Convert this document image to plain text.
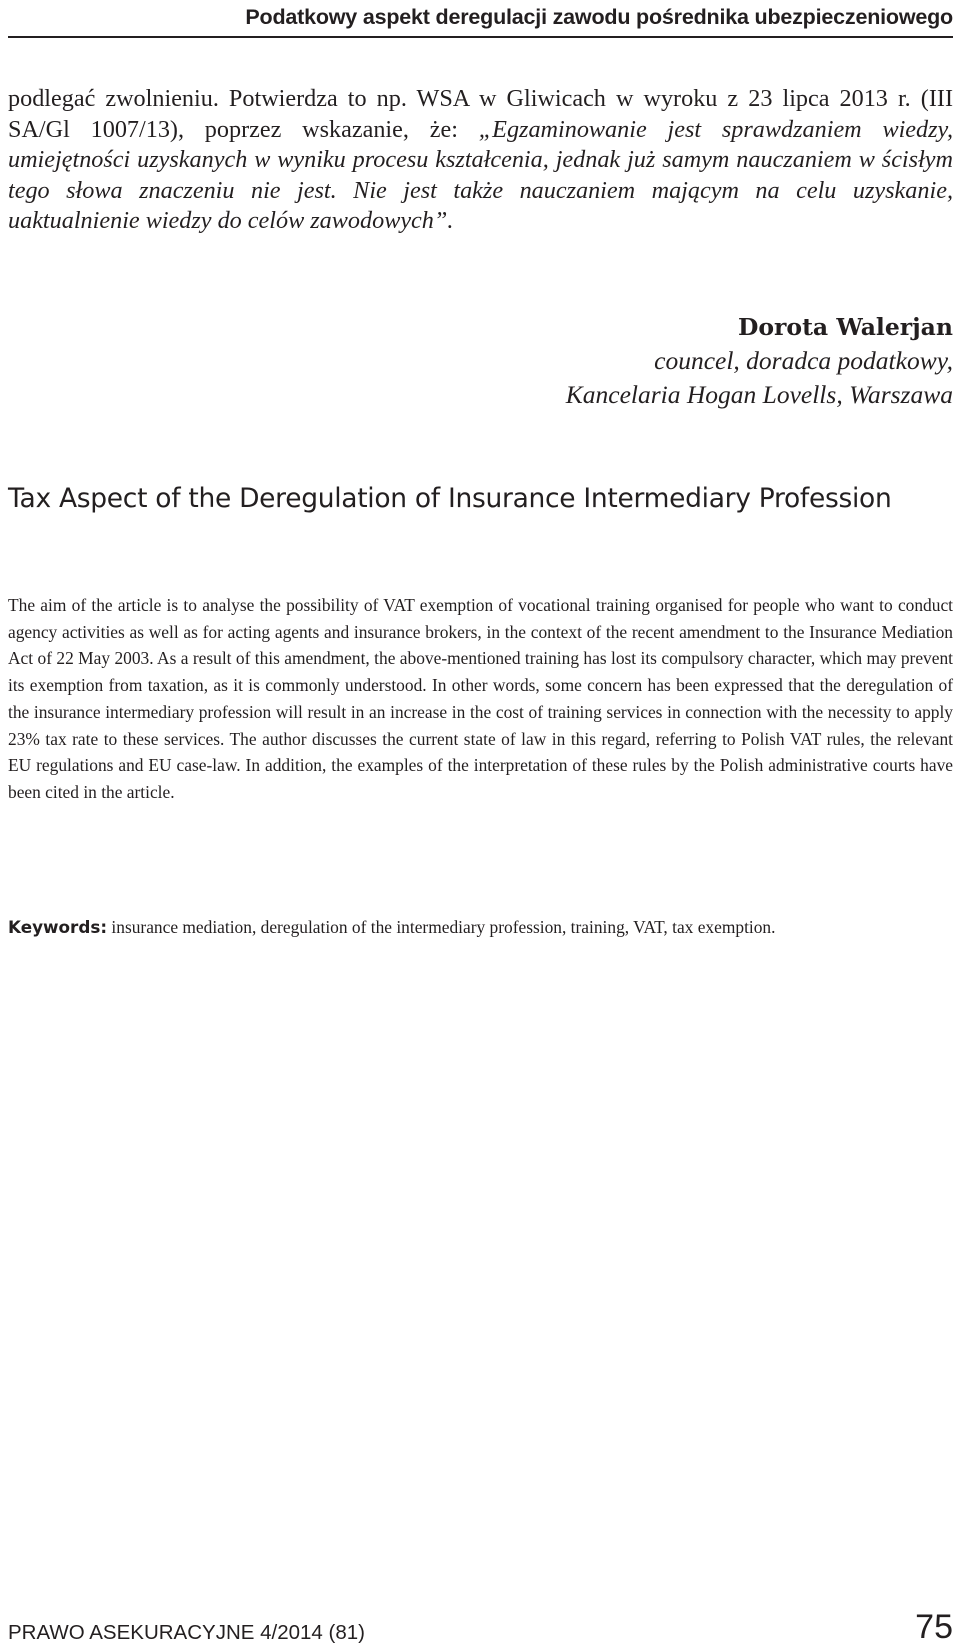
Podatkowy aspekt deregulacji zawodu pośrednika ubezpieczeniowego

podlegać zwolnieniu. Potwierdza to np. WSA w Gliwicach w wyroku z 23 lipca 2013 r. (III SA/Gl 1007/13), poprzez wskazanie, że: „Egzaminowanie jest sprawdzaniem wiedzy, umiejętności uzyskanych w wyniku procesu kształcenia, jednak już samym nauczaniem w ścisłym tego słowa znaczeniu nie jest. Nie jest także nauczaniem mającym na celu uzyskanie, uaktualnienie wiedzy do celów zawodowych”.

Dorota Walerjan
councel, doradca podatkowy,
Kancelaria Hogan Lovells, Warszawa
Tax Aspect of the Deregulation of Insurance Intermediary Profession

The aim of the article is to analyse the possibility of VAT exemption of vocational training organised for people who want to conduct agency activities as well as for acting agents and insurance brokers, in the context of the recent amendment to the Insurance Mediation Act of 22 May 2003. As a result of this amendment, the above-mentioned training has lost its compulsory character, which may prevent its exemption from taxation, as it is commonly understood. In other words, some concern has been expressed that the deregulation of the insurance intermediary profession will result in an increase in the cost of training services in connection with the necessity to apply 23% tax rate to these services. The author discusses the current state of law in this regard, referring to Polish VAT rules, the relevant EU regulations and EU case-law. In addition, the examples of the interpretation of these rules by the Polish administrative courts have been cited in the article.

Keywords: insurance mediation, deregulation of the intermediary profession, training, VAT, tax exemption.

PRAWO ASEKURACYJNE 4/2014 (81)	75
